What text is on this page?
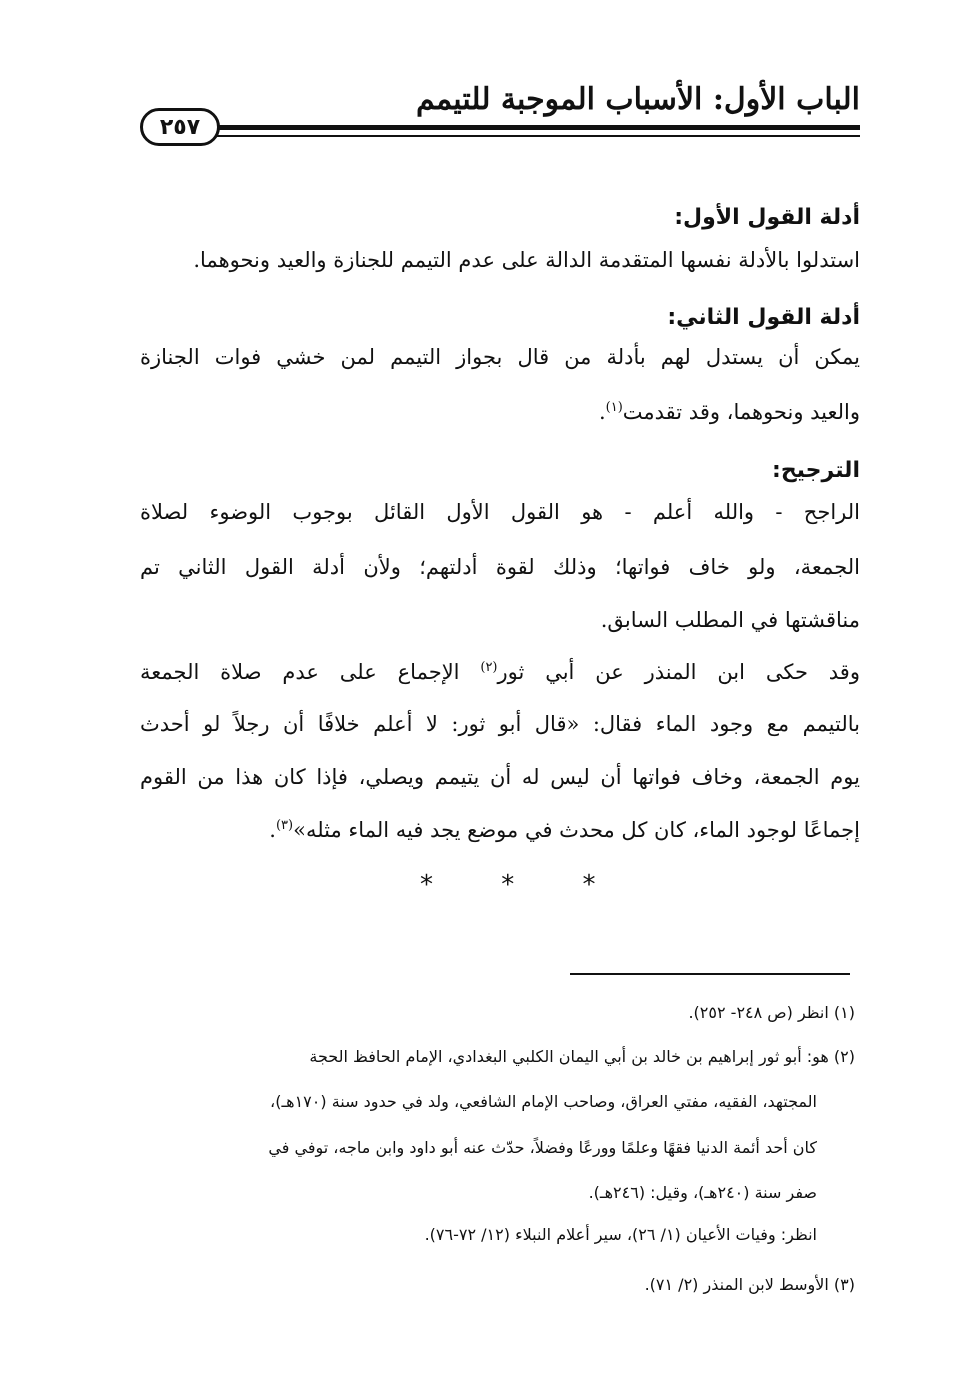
الباب الأول: الأسباب الموجبة للتيمم
٢٥٧
أدلة القول الأول:
استدلوا بالأدلة نفسها المتقدمة الدالة على عدم التيمم للجنازة والعيد ونحوهما.
أدلة القول الثاني:
يمكن أن يستدل لهم بأدلة من قال بجواز التيمم لمن خشي فوات الجنازة
والعيد ونحوهما، وقد تقدمت$^{(١)}$.
الترجيح:
الراجح - والله أعلم - هو القول الأول القائل بوجوب الوضوء لصلاة
الجمعة، ولو خاف فواتها؛ وذلك لقوة أدلتهم؛ ولأن أدلة القول الثاني تم
مناقشتها في المطلب السابق.
وقد حكى ابن المنذر عن أبي ثور$^{(٢)}$ الإجماع على عدم صلاة الجمعة
بالتيمم مع وجود الماء فقال: «قال أبو ثور: لا أعلم خلافًا أن رجلاً لو أحدث
يوم الجمعة، وخاف فواتها أن ليس له أن يتيمم ويصلي، فإذا كان هذا من القوم
إجماعًا لوجود الماء، كان كل محدث في موضع يجد فيه الماء مثله»$^{(٣)}$.
* * *
(١) انظر (ص ٢٤٨- ٢٥٢).
(٢) هو: أبو ثور إبراهيم بن خالد بن أبي اليمان الكلبي البغدادي، الإمام الحافظ الحجة
المجتهد، الفقيه، مفتي العراق، وصاحب الإمام الشافعي، ولد في حدود سنة (١٧٠هـ)،
كان أحد أئمة الدنيا فقهًا وعلمًا وورعًا وفضلاً، حدّث عنه أبو داود وابن ماجه، توفي في
صفر سنة (٢٤٠هـ)، وقيل: (٢٤٦هـ).
انظر: وفيات الأعيان (١/ ٢٦)، سير أعلام النبلاء (١٢/ ٧٢-٧٦).
(٣) الأوسط لابن المنذر (٢/ ٧١).
